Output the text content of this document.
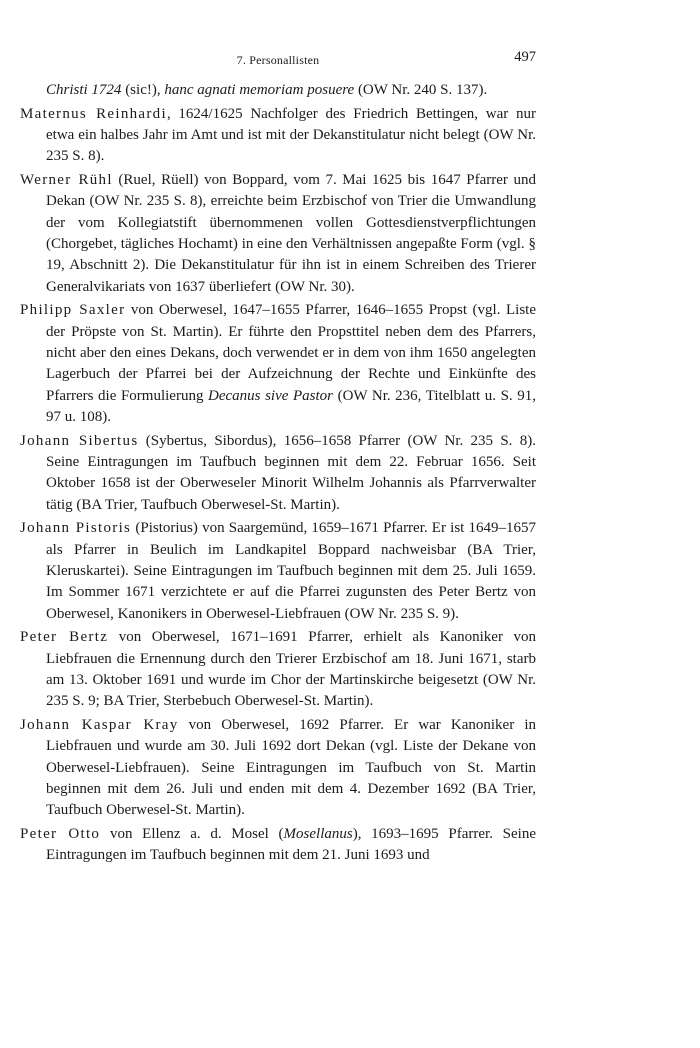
7. Personallisten	497

Christi 1724 (sic!), hanc agnati memoriam posuere (OW Nr. 240 S. 137).

Maternus Reinhardi, 1624/1625 Nachfolger des Friedrich Bettingen, war nur etwa ein halbes Jahr im Amt und ist mit der Dekanstitulatur nicht belegt (OW Nr. 235 S. 8).

Werner Rühl (Ruel, Rüell) von Boppard, vom 7. Mai 1625 bis 1647 Pfarrer und Dekan (OW Nr. 235 S. 8), erreichte beim Erzbischof von Trier die Umwandlung der vom Kollegiatstift übernommenen vollen Gottesdienstverpflichtungen (Chorgebet, tägliches Hochamt) in eine den Verhältnissen angepaßte Form (vgl. § 19, Abschnitt 2). Die Dekanstitulatur für ihn ist in einem Schreiben des Trierer Generalvikariats von 1637 überliefert (OW Nr. 30).

Philipp Saxler von Oberwesel, 1647–1655 Pfarrer, 1646–1655 Propst (vgl. Liste der Pröpste von St. Martin). Er führte den Propsttitel neben dem des Pfarrers, nicht aber den eines Dekans, doch verwendet er in dem von ihm 1650 angelegten Lagerbuch der Pfarrei bei der Aufzeichnung der Rechte und Einkünfte des Pfarrers die Formulierung Decanus sive Pastor (OW Nr. 236, Titelblatt u. S. 91, 97 u. 108).

Johann Sibertus (Sybertus, Sibordus), 1656–1658 Pfarrer (OW Nr. 235 S. 8). Seine Eintragungen im Taufbuch beginnen mit dem 22. Februar 1656. Seit Oktober 1658 ist der Oberweseler Minorit Wilhelm Johannis als Pfarrverwalter tätig (BA Trier, Taufbuch Oberwesel-St. Martin).

Johann Pistoris (Pistorius) von Saargemünd, 1659–1671 Pfarrer. Er ist 1649–1657 als Pfarrer in Beulich im Landkapitel Boppard nachweisbar (BA Trier, Kleruskartei). Seine Eintragungen im Taufbuch beginnen mit dem 25. Juli 1659. Im Sommer 1671 verzichtete er auf die Pfarrei zugunsten des Peter Bertz von Oberwesel, Kanonikers in Oberwesel-Liebfrauen (OW Nr. 235 S. 9).

Peter Bertz von Oberwesel, 1671–1691 Pfarrer, erhielt als Kanoniker von Liebfrauen die Ernennung durch den Trierer Erzbischof am 18. Juni 1671, starb am 13. Oktober 1691 und wurde im Chor der Martinskirche beigesetzt (OW Nr. 235 S. 9; BA Trier, Sterbebuch Oberwesel-St. Martin).

Johann Kaspar Kray von Oberwesel, 1692 Pfarrer. Er war Kanoniker in Liebfrauen und wurde am 30. Juli 1692 dort Dekan (vgl. Liste der Dekane von Oberwesel-Liebfrauen). Seine Eintragungen im Taufbuch von St. Martin beginnen mit dem 26. Juli und enden mit dem 4. Dezember 1692 (BA Trier, Taufbuch Oberwesel-St. Martin).

Peter Otto von Ellenz a. d. Mosel (Mosellanus), 1693–1695 Pfarrer. Seine Eintragungen im Taufbuch beginnen mit dem 21. Juni 1693 und
